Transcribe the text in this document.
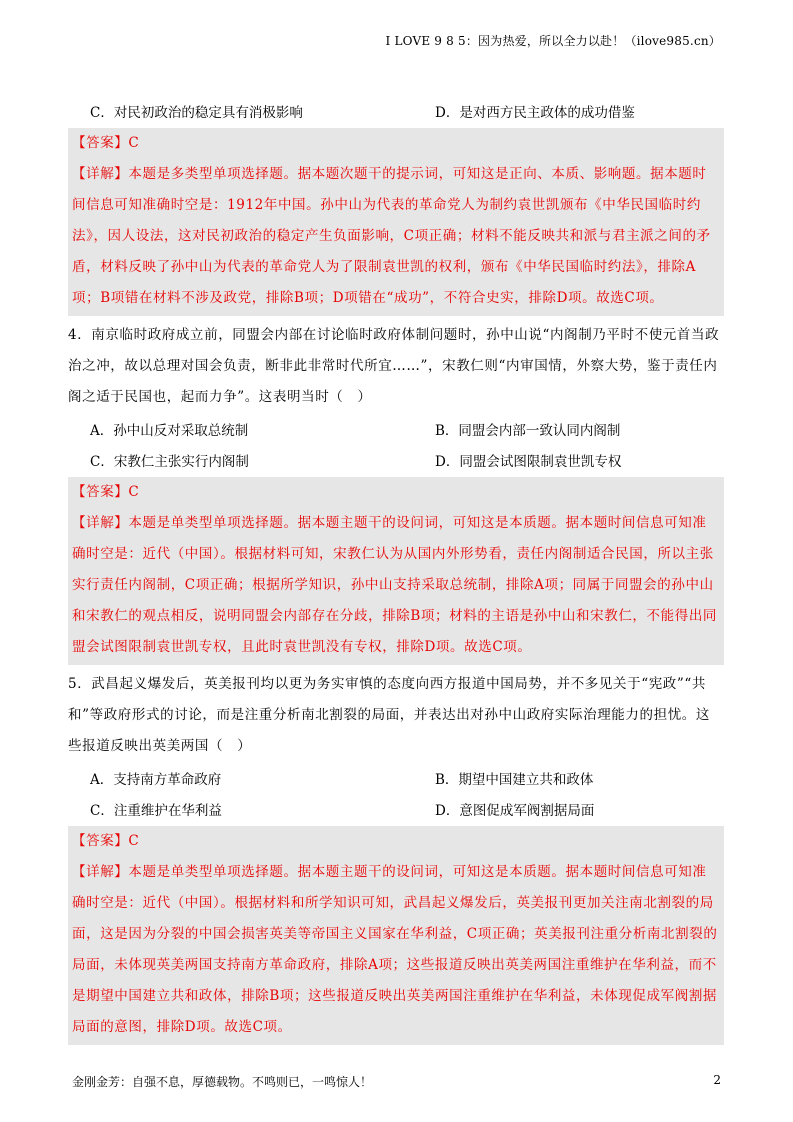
I LOVE 9 8 5：因为热爱，所以全力以赴！（ilove985.cn）
C．对民初政治的稳定具有消极影响	D．是对西方民主政体的成功借鉴

【答案】C

【详解】本题是多类型单项选择题。据本题次题干的提示词，可知这是正向、本质、影响题。据本题时间信息可知准确时空是：1912年中国。孙中山为代表的革命党人为制约袁世凯颁布《中华民国临时约法》，因人设法，这对民初政治的稳定产生负面影响，C项正确；材料不能反映共和派与君主派之间的矛盾，材料反映了孙中山为代表的革命党人为了限制袁世凯的权利，颁布《中华民国临时约法》，排除A项；B项错在材料不涉及政党，排除B项；D项错在“成功”，不符合史实，排除D项。故选C项。

4．南京临时政府成立前，同盟会内部在讨论临时政府体制问题时，孙中山说“内阁制乃平时不使元首当政治之冲，故以总理对国会负责，断非此非常时代所宜……”，宋教仁则“内审国情，外察大势，鉴于责任内阁之适于民国也，起而力争”。这表明当时（　）
A．孙中山反对采取总统制	B．同盟会内部一致认同内阁制
C．宋教仁主张实行内阁制	D．同盟会试图限制袁世凯专权

【答案】C

【详解】本题是单类型单项选择题。据本题主题干的设问词，可知这是本质题。据本题时间信息可知准确时空是：近代（中国）。根据材料可知，宋教仁认为从国内外形势看，责任内阁制适合民国，所以主张实行责任内阁制，C项正确；根据所学知识，孙中山支持采取总统制，排除A项；同属于同盟会的孙中山和宋教仁的观点相反，说明同盟会内部存在分歧，排除B项；材料的主语是孙中山和宋教仁，不能得出同盟会试图限制袁世凯专权，且此时袁世凯没有专权，排除D项。故选C项。

5．武昌起义爆发后，英美报刊均以更为务实审慎的态度向西方报道中国局势，并不多见关于“宪政”“共和”等政府形式的讨论，而是注重分析南北割裂的局面，并表达出对孙中山政府实际治理能力的担忧。这些报道反映出英美两国（　）
A．支持南方革命政府	B．期望中国建立共和政体
C．注重维护在华利益	D．意图促成军阀割据局面

【答案】C

【详解】本题是单类型单项选择题。据本题主题干的设问词，可知这是本质题。据本题时间信息可知准确时空是：近代（中国）。根据材料和所学知识可知，武昌起义爆发后，英美报刊更加关注南北割裂的局面，这是因为分裂的中国会损害英美等帝国主义国家在华利益，C项正确；英美报刊注重分析南北割裂的局面，未体现英美两国支持南方革命政府，排除A项；这些报道反映出英美两国注重维护在华利益，而不是期望中国建立共和政体，排除B项；这些报道反映出英美两国注重维护在华利益，未体现促成军阀割据局面的意图，排除D项。故选C项。

金刚金芳：自强不息，厚德载物。不鸣则已，一鸣惊人！	2
